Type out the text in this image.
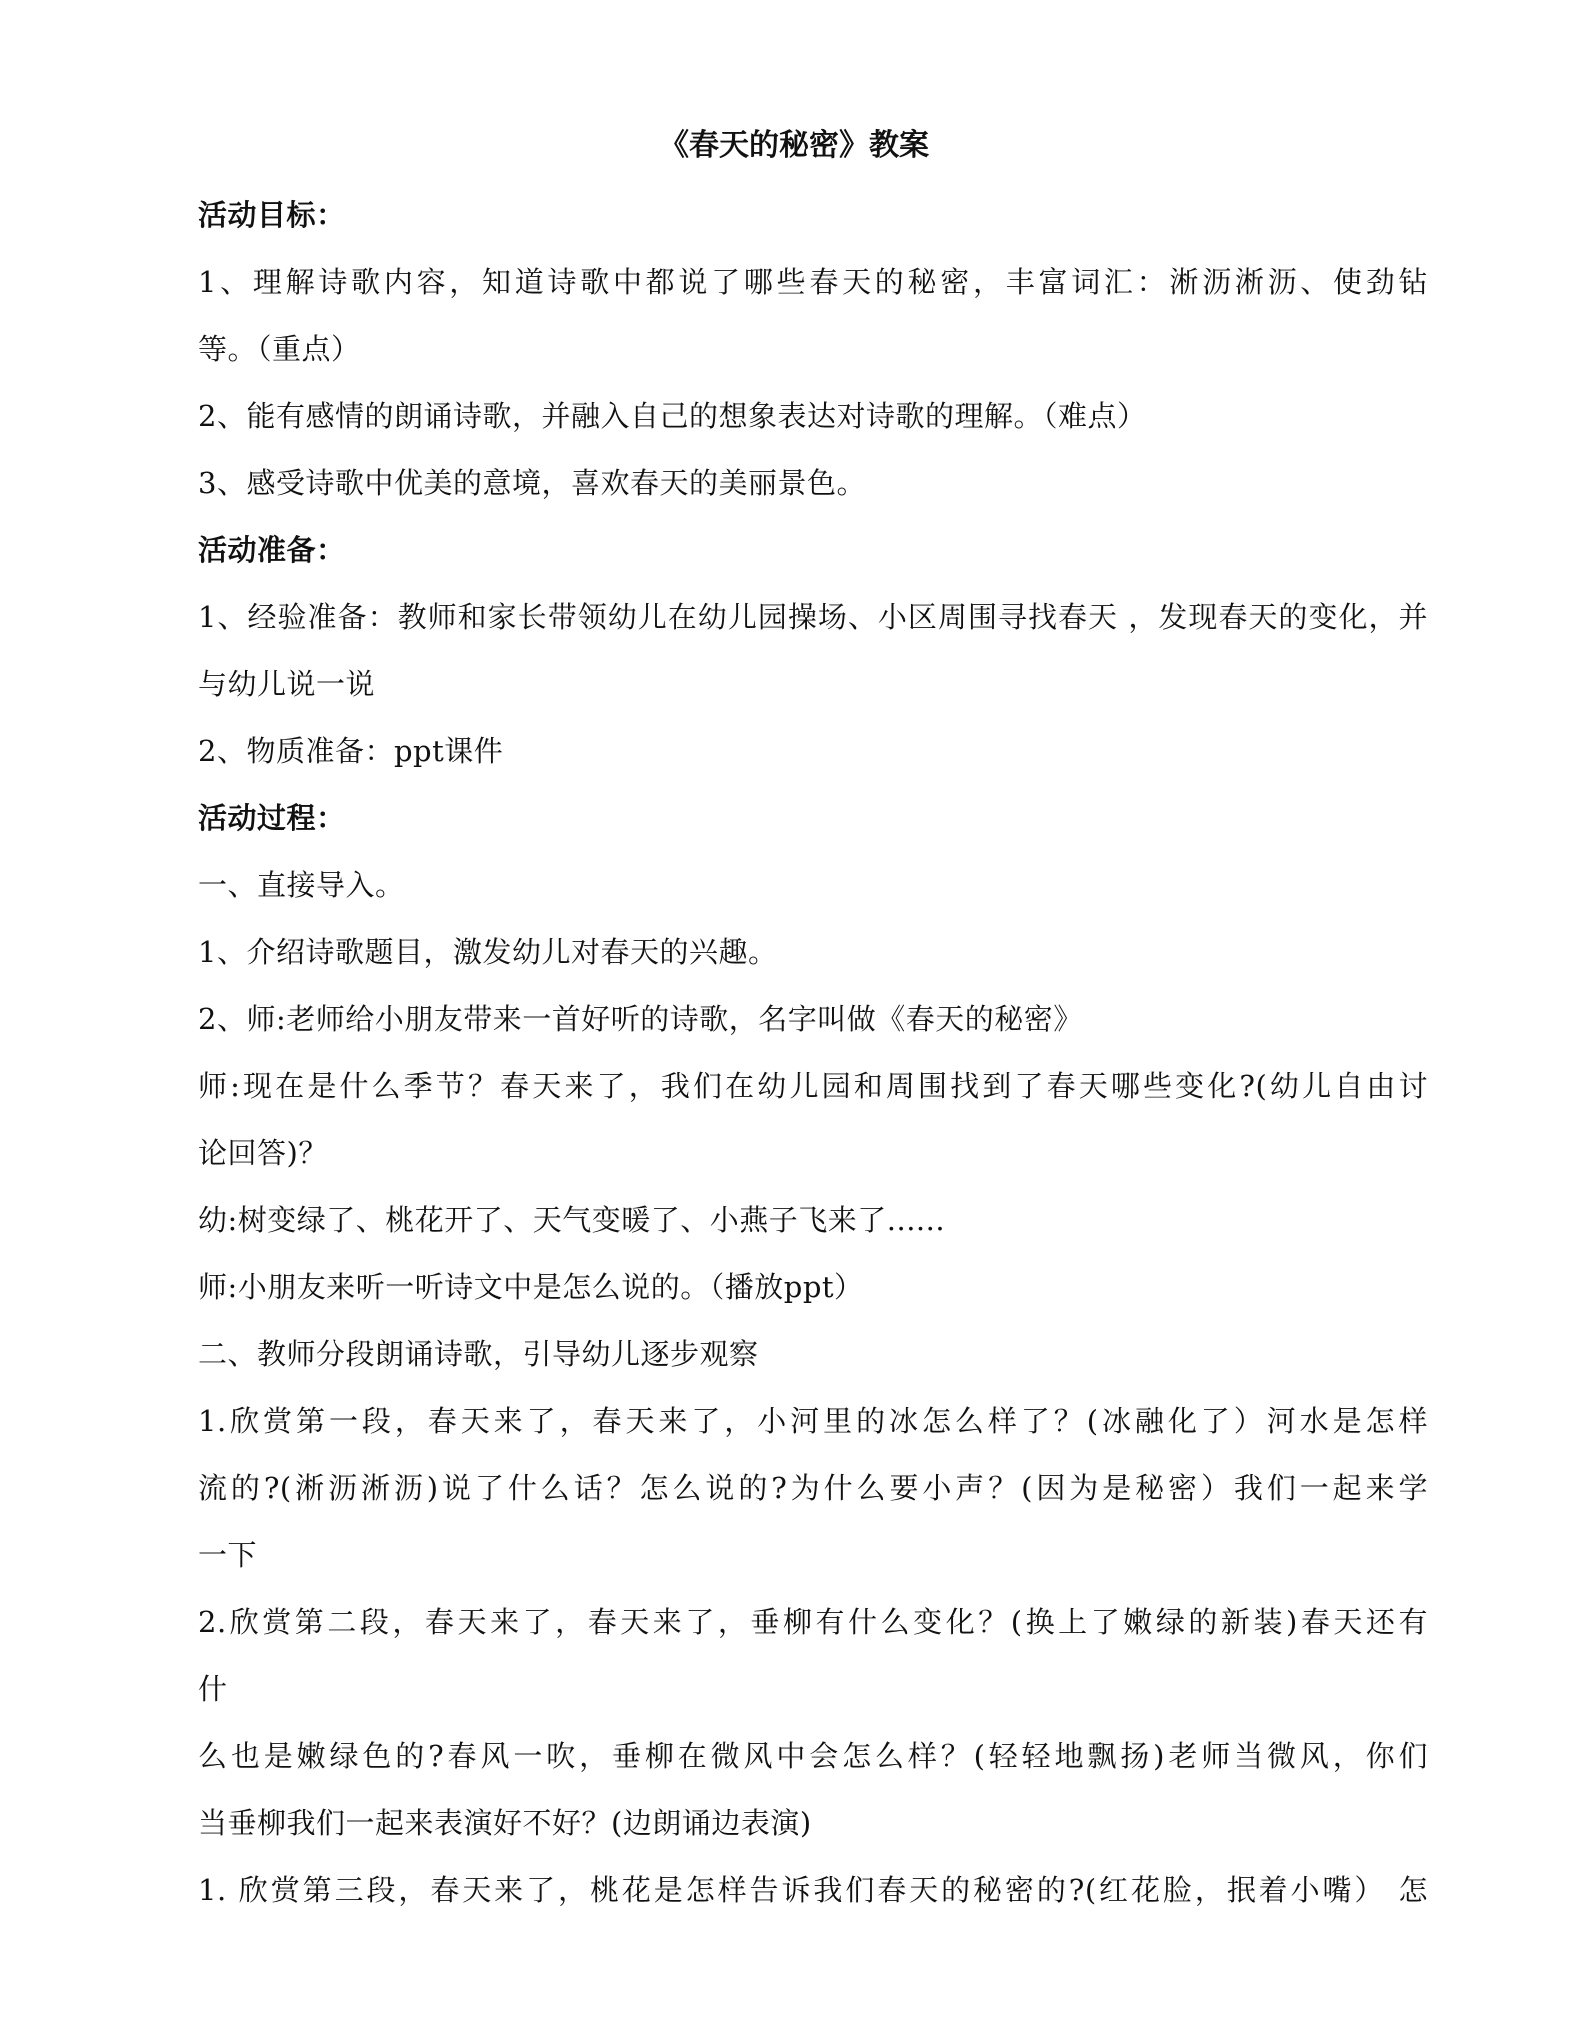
《春天的秘密》教案
活动目标：
1、理解诗歌内容，知道诗歌中都说了哪些春天的秘密，丰富词汇：淅沥淅沥、使劲钻
等。（重点）
2、能有感情的朗诵诗歌，并融入自己的想象表达对诗歌的理解。（难点）
3、感受诗歌中优美的意境，喜欢春天的美丽景色。
活动准备：
1、经验准备：教师和家长带领幼儿在幼儿园操场、小区周围寻找春天 ，发现春天的变化，并
与幼儿说一说
2、物质准备：ppt课件
活动过程：
一、直接导入。
1、介绍诗歌题目，激发幼儿对春天的兴趣。
2、师:老师给小朋友带来一首好听的诗歌，名字叫做《春天的秘密》
师:现在是什么季节？春天来了，我们在幼儿园和周围找到了春天哪些变化?(幼儿自由讨
论回答)？
幼:树变绿了、桃花开了、天气变暖了、小燕子飞来了......
师:小朋友来听一听诗文中是怎么说的。（播放ppt）
二、教师分段朗诵诗歌，引导幼儿逐步观察
1.欣赏第一段，春天来了，春天来了，小河里的冰怎么样了？(冰融化了）河水是怎样
流的?(淅沥淅沥)说了什么话？怎么说的?为什么要小声？(因为是秘密）我们一起来学
一下
2.欣赏第二段，春天来了，春天来了，垂柳有什么变化？(换上了嫩绿的新装)春天还有
什
么也是嫩绿色的?春风一吹，垂柳在微风中会怎么样？(轻轻地飘扬)老师当微风，你们
当垂柳我们一起来表演好不好？(边朗诵边表演)
1. 欣赏第三段，春天来了，桃花是怎样告诉我们春天的秘密的?(红花脸，抿着小嘴） 怎
